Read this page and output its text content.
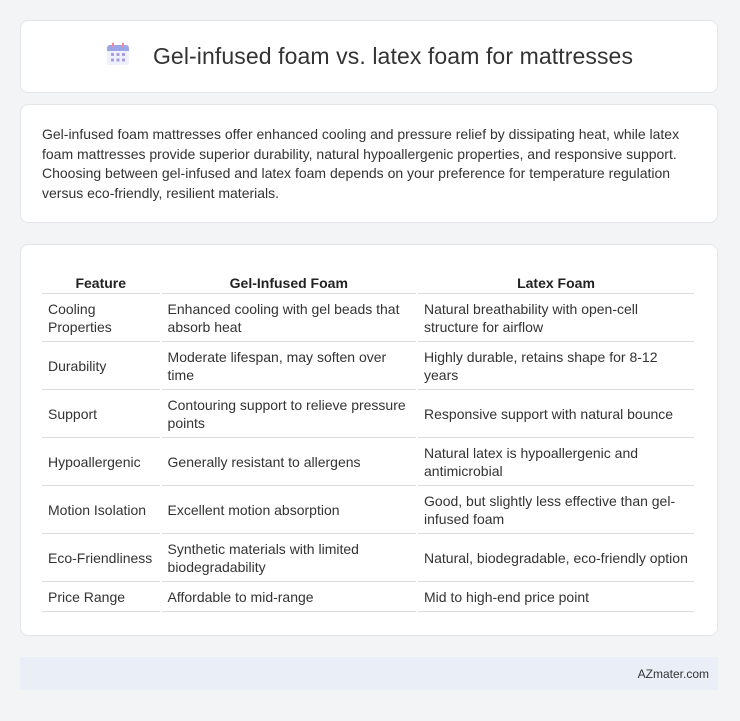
Gel-infused foam vs. latex foam for mattresses

Gel-infused foam mattresses offer enhanced cooling and pressure relief by dissipating heat, while latex foam mattresses provide superior durability, natural hypoallergenic properties, and responsive support. Choosing between gel-infused and latex foam depends on your preference for temperature regulation versus eco-friendly, resilient materials.

Feature	Gel-Infused Foam	Latex Foam
Cooling Properties	Enhanced cooling with gel beads that absorb heat	Natural breathability with open-cell structure for airflow
Durability	Moderate lifespan, may soften over time	Highly durable, retains shape for 8-12 years
Support	Contouring support to relieve pressure points	Responsive support with natural bounce
Hypoallergenic	Generally resistant to allergens	Natural latex is hypoallergenic and antimicrobial
Motion Isolation	Excellent motion absorption	Good, but slightly less effective than gel-infused foam
Eco-Friendliness	Synthetic materials with limited biodegradability	Natural, biodegradable, eco-friendly option
Price Range	Affordable to mid-range	Mid to high-end price point
AZmater.com
